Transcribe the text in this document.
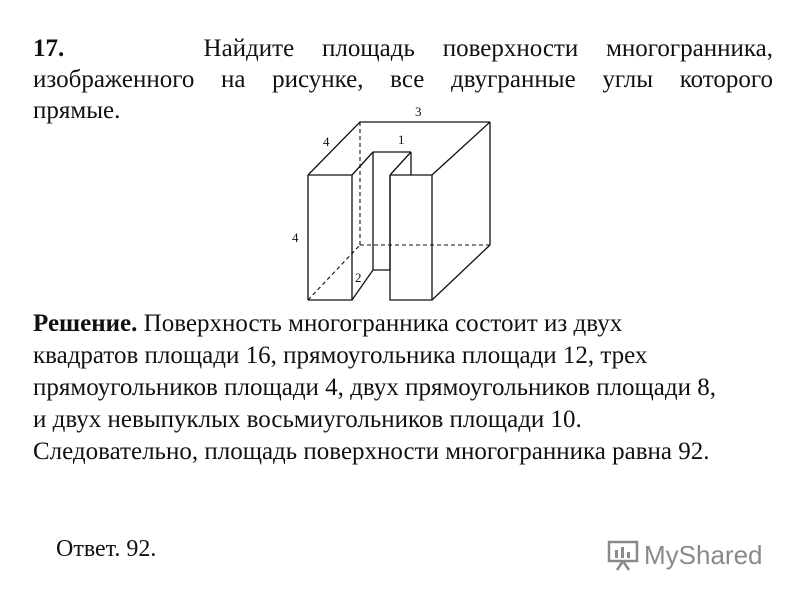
17.	Найдите площадь поверхности многогранника,
изображенного на рисунке, все двугранные углы которого
прямые.	3
4	1
4
2
Решение. Поверхность многогранника состоит из двух
квадратов площади 16, прямоугольника площади 12, трех
прямоугольников площади 4, двух прямоугольников площади 8,
и двух невыпуклых восьмиугольников площади 10.
Следовательно, площадь поверхности многогранника равна 92.
Ответ. 92.	MyShared
